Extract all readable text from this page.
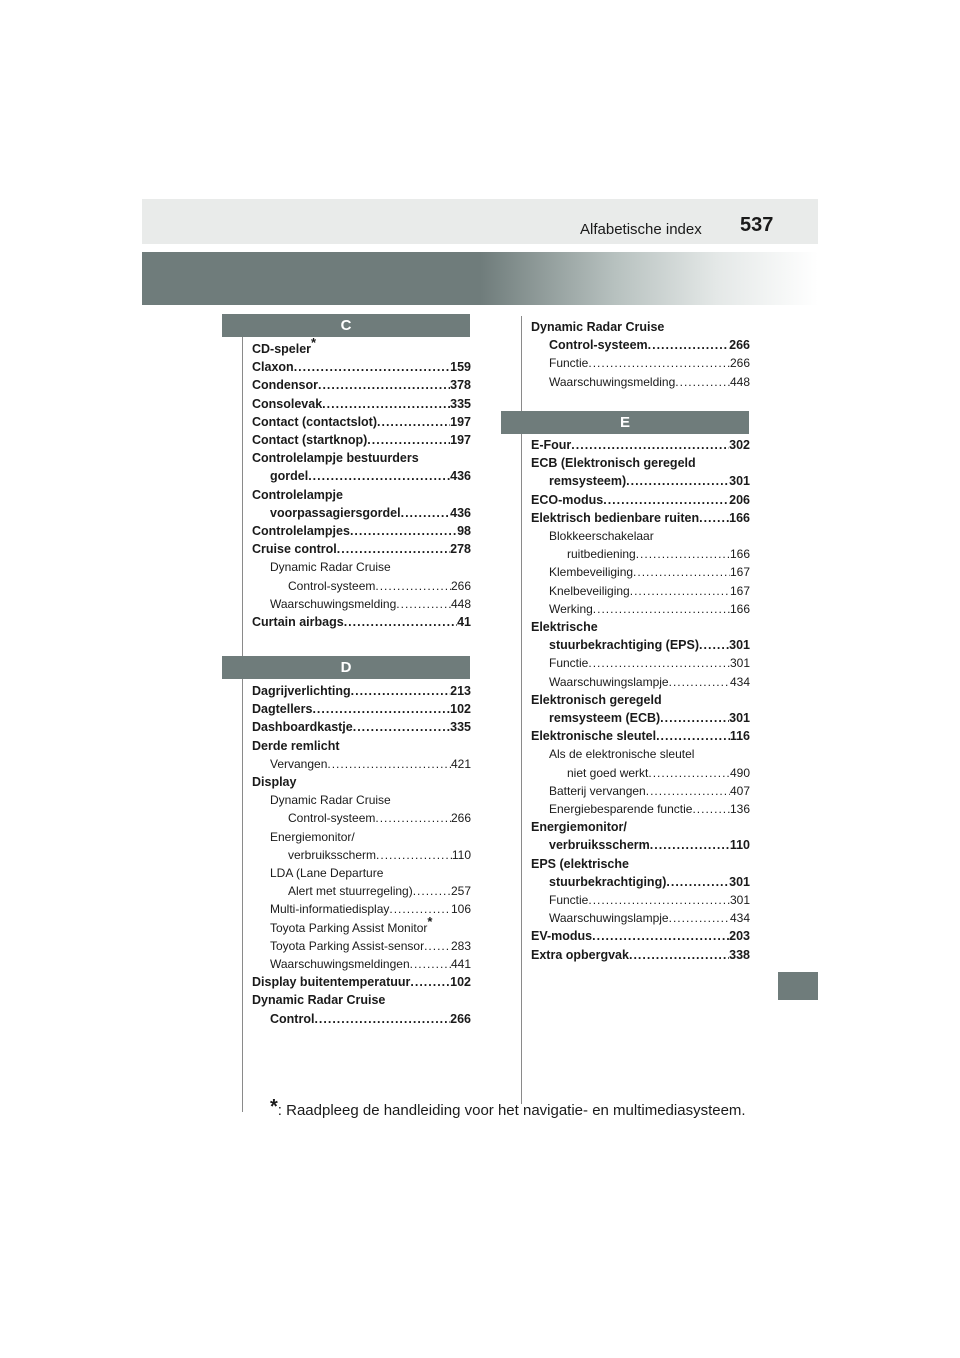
Alfabetische index 537
C
D
E
CD-speler*
Claxon .....	159
Condensor .....	378
Consolevak .....	335
Contact (contactslot) .....	197
Contact (startknop) .....	197
Controlelampje bestuurders
gordel .....	436
Controlelampje
voorpassagiersgordel .....	436
Controlelampjes .....	98
Cruise control .....	278
Dynamic Radar Cruise
Control-systeem .....	266
Waarschuwingsmelding .....	448
Curtain airbags .....	41
Dagrijverlichting .....	213
Dagtellers .....	102
Dashboardkastje .....	335
Derde remlicht
Vervangen .....	421
Display
Dynamic Radar Cruise
Control-systeem .....	266
Energiemonitor/
verbruiksscherm .....	110
LDA (Lane Departure
Alert met stuurregeling) .....	257
Multi-informatiedisplay .....	106
Toyota Parking Assist Monitor*
Toyota Parking Assist-sensor ..... 283
Waarschuwingsmeldingen .....	441
Display buitentemperatuur .....	102
Dynamic Radar Cruise
Control .....	266
Dynamic Radar Cruise
Control-systeem .....	266
Functie .....	266
Waarschuwingsmelding .....	448
E-Four .....	302
ECB (Elektronisch geregeld
remsysteem) .....	301
ECO-modus .....	206
Elektrisch bedienbare ruiten ..... 166
Blokkeerschakelaar
ruitbediening .....	166
Klembeveiliging .....	167
Knelbeveiliging .....	167
Werking .....	166
Elektrische
stuurbekrachtiging (EPS) ..... 301
Functie .....	301
Waarschuwingslampje .....	434
Elektronisch geregeld
remsysteem (ECB) .....	301
Elektronische sleutel .....	116
Als de elektronische sleutel
niet goed werkt .....	490
Batterij vervangen .....	407
Energiebesparende functie .....	136
Energiemonitor/
verbruiksscherm .....	110
EPS (elektrische
stuurbekrachtiging) .....	301
Functie .....	301
Waarschuwingslampje .....	434
EV-modus .....	203
Extra opbergvak .....	338
*: Raadpleeg de handleiding voor het navigatie- en multimediasysteem.
